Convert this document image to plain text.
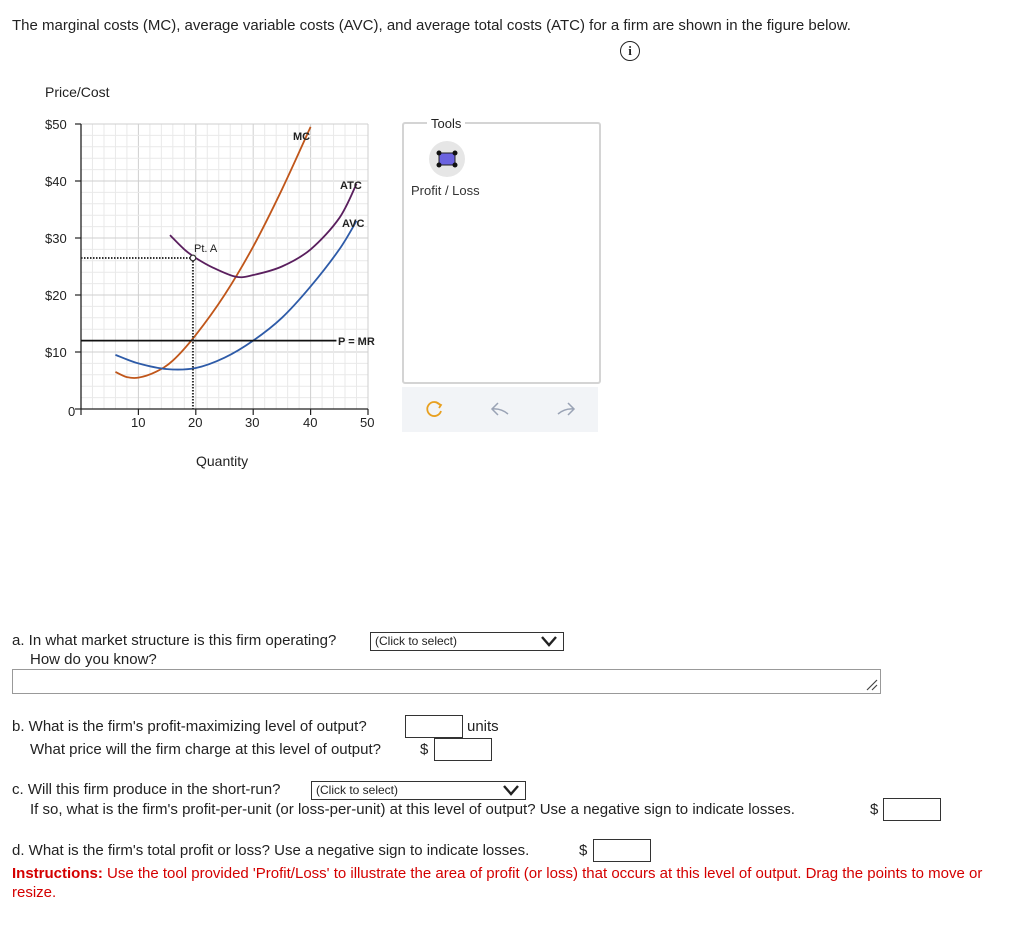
The marginal costs (MC), average variable costs (AVC), and average total costs (ATC) for a firm are shown in the figure below.
i
Price/Cost
$50
$40
$30
$20
$10
0
10	20	30	40	50
Quantity
MC
ATC
AVC
P = MR
Pt. A
Tools
Profit / Loss
a. In what market structure is this firm operating?	(Click to select)
How do you know?
b. What is the firm's profit-maximizing level of output?	units
What price will the firm charge at this level of output?	$
c. Will this firm produce in the short-run?	(Click to select)
If so, what is the firm's profit-per-unit (or loss-per-unit) at this level of output? Use a negative sign to indicate losses.	$
d. What is the firm's total profit or loss? Use a negative sign to indicate losses.	$
Instructions: Use the tool provided 'Profit/Loss' to illustrate the area of profit (or loss) that occurs at this level of output. Drag the points to move or resize.
